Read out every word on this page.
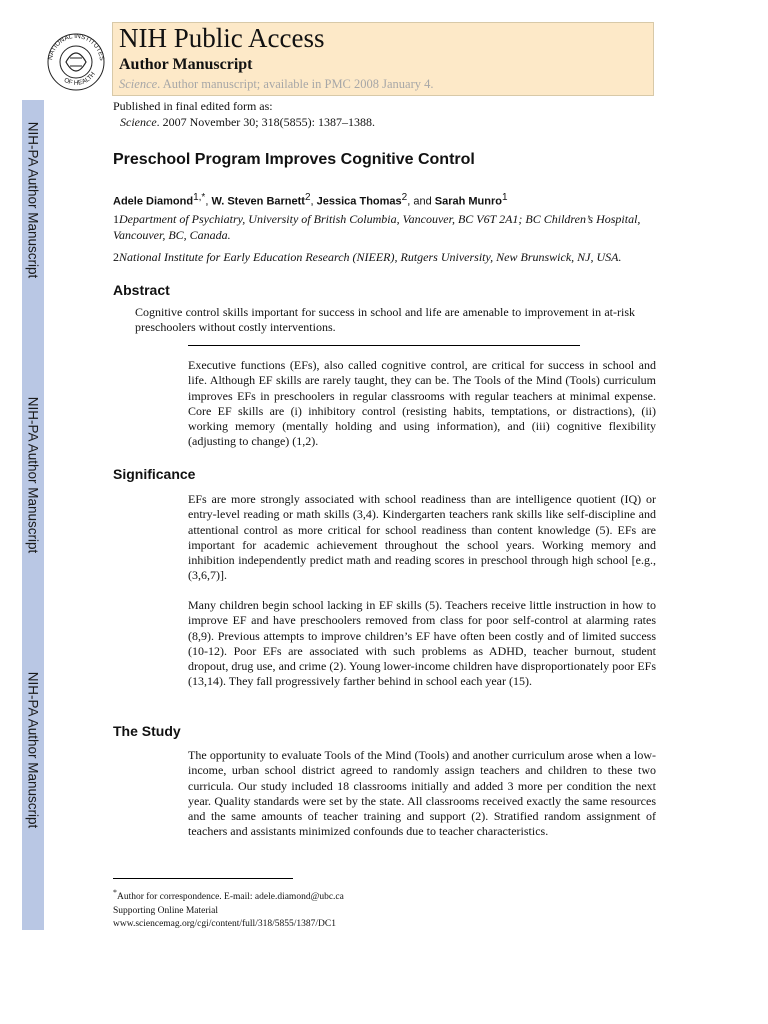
NIH-PA Author Manuscript
NIH-PA Author Manuscript
NIH-PA Author Manuscript
NATIONAL INSTITUTES
OF HEALTH
NIH Public Access
Author Manuscript
Science. Author manuscript; available in PMC 2008 January 4.
Published in final edited form as:
Science. 2007 November 30; 318(5855): 1387–1388.
Preschool Program Improves Cognitive Control
Adele Diamond$^{1,*}$, W. Steven Barnett$^2$, Jessica Thomas$^2$, and Sarah Munro$^1$
1Department of Psychiatry, University of British Columbia, Vancouver, BC V6T 2A1; BC Children’s Hospital, Vancouver, BC, Canada.
2National Institute for Early Education Research (NIEER), Rutgers University, New Brunswick, NJ, USA.
Abstract
Cognitive control skills important for success in school and life are amenable to improvement in at-risk preschoolers without costly interventions.
Executive functions (EFs), also called cognitive control, are critical for success in school and life. Although EF skills are rarely taught, they can be. The Tools of the Mind (Tools) curriculum improves EFs in preschoolers in regular classrooms with regular teachers at minimal expense. Core EF skills are (i) inhibitory control (resisting habits, temptations, or distractions), (ii) working memory (mentally holding and using information), and (iii) cognitive flexibility (adjusting to change) (1,2).
Significance
EFs are more strongly associated with school readiness than are intelligence quotient (IQ) or entry-level reading or math skills (3,4). Kindergarten teachers rank skills like self-discipline and attentional control as more critical for school readiness than content knowledge (5). EFs are important for academic achievement throughout the school years. Working memory and inhibition independently predict math and reading scores in preschool through high school [e.g., (3,6,7)].
Many children begin school lacking in EF skills (5). Teachers receive little instruction in how to improve EF and have preschoolers removed from class for poor self-control at alarming rates (8,9). Previous attempts to improve children’s EF have often been costly and of limited success (10-12). Poor EFs are associated with such problems as ADHD, teacher burnout, student dropout, drug use, and crime (2). Young lower-income children have disproportionately poor EFs (13,14). They fall progressively farther behind in school each year (15).
The Study
The opportunity to evaluate Tools of the Mind (Tools) and another curriculum arose when a low-income, urban school district agreed to randomly assign teachers and children to these two curricula. Our study included 18 classrooms initially and added 3 more per condition the next year. Quality standards were set by the state. All classrooms received exactly the same resources and the same amounts of teacher training and support (2). Stratified random assignment of teachers and assistants minimized confounds due to teacher characteristics.
*Author for correspondence. E-mail: adele.diamond@ubc.ca
Supporting Online Material
www.sciencemag.org/cgi/content/full/318/5855/1387/DC1
